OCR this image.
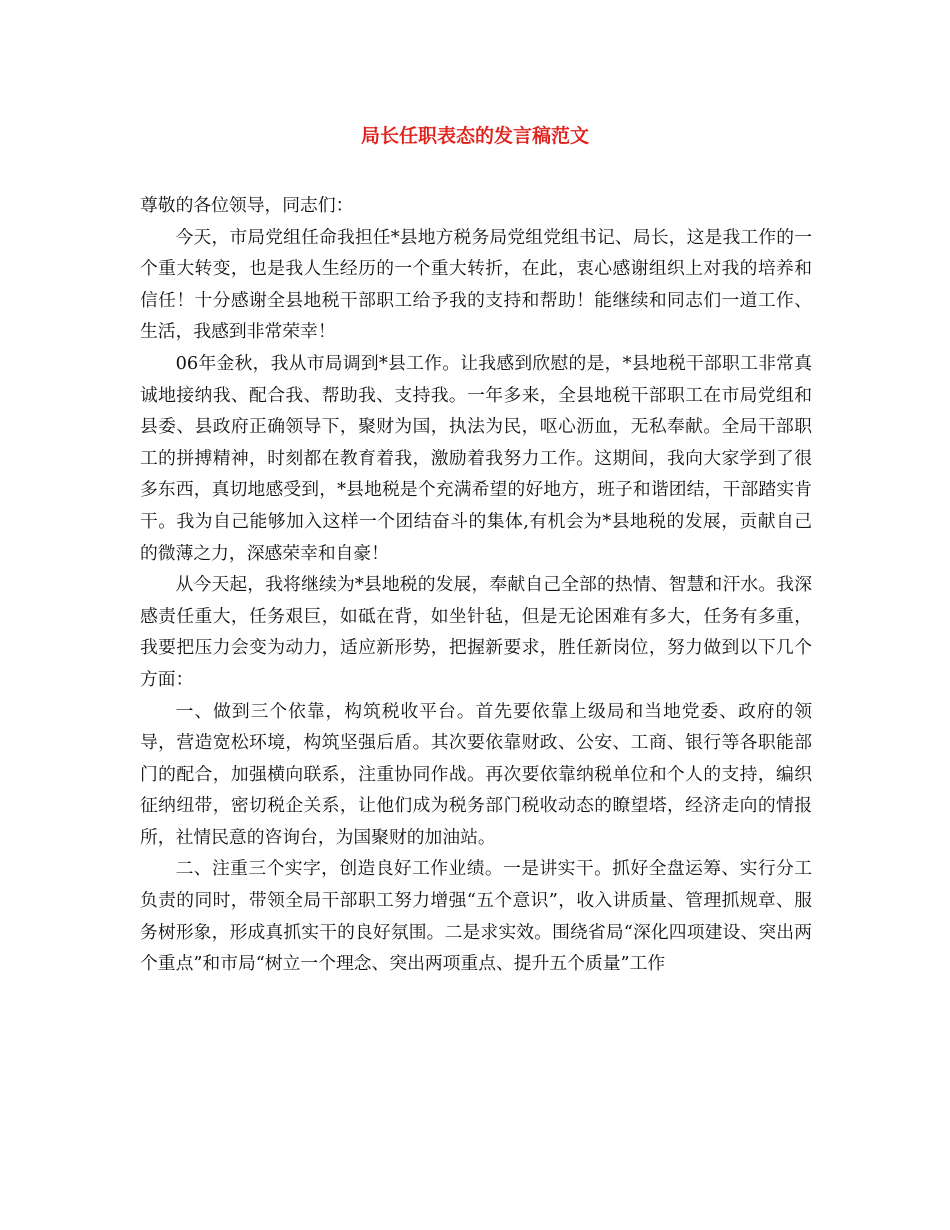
局长任职表态的发言稿范文

尊敬的各位领导，同志们：

今天，市局党组任命我担任*县地方税务局党组党组书记、局长，这是我工作的一个重大转变，也是我人生经历的一个重大转折，在此，衷心感谢组织上对我的培养和信任！十分感谢全县地税干部职工给予我的支持和帮助！能继续和同志们一道工作、生活，我感到非常荣幸！

06年金秋，我从市局调到*县工作。让我感到欣慰的是，*县地税干部职工非常真诚地接纳我、配合我、帮助我、支持我。一年多来，全县地税干部职工在市局党组和县委、县政府正确领导下，聚财为国，执法为民，呕心沥血，无私奉献。全局干部职工的拼搏精神，时刻都在教育着我，激励着我努力工作。这期间，我向大家学到了很多东西，真切地感受到，*县地税是个充满希望的好地方，班子和谐团结，干部踏实肯干。我为自己能够加入这样一个团结奋斗的集体,有机会为*县地税的发展，贡献自己的微薄之力，深感荣幸和自豪！

从今天起，我将继续为*县地税的发展，奉献自己全部的热情、智慧和汗水。我深感责任重大，任务艰巨，如砥在背，如坐针毡，但是无论困难有多大，任务有多重，我要把压力会变为动力，适应新形势，把握新要求，胜任新岗位，努力做到以下几个方面：

一、做到三个依靠，构筑税收平台。首先要依靠上级局和当地党委、政府的领导，营造宽松环境，构筑坚强后盾。其次要依靠财政、公安、工商、银行等各职能部门的配合，加强横向联系，注重协同作战。再次要依靠纳税单位和个人的支持，编织征纳纽带，密切税企关系，让他们成为税务部门税收动态的瞭望塔，经济走向的情报所，社情民意的咨询台，为国聚财的加油站。

二、注重三个实字，创造良好工作业绩。一是讲实干。抓好全盘运筹、实行分工负责的同时，带领全局干部职工努力增强“五个意识”，收入讲质量、管理抓规章、服务树形象，形成真抓实干的良好氛围。二是求实效。围绕省局“深化四项建设、突出两个重点”和市局“树立一个理念、突出两项重点、提升五个质量”工作
